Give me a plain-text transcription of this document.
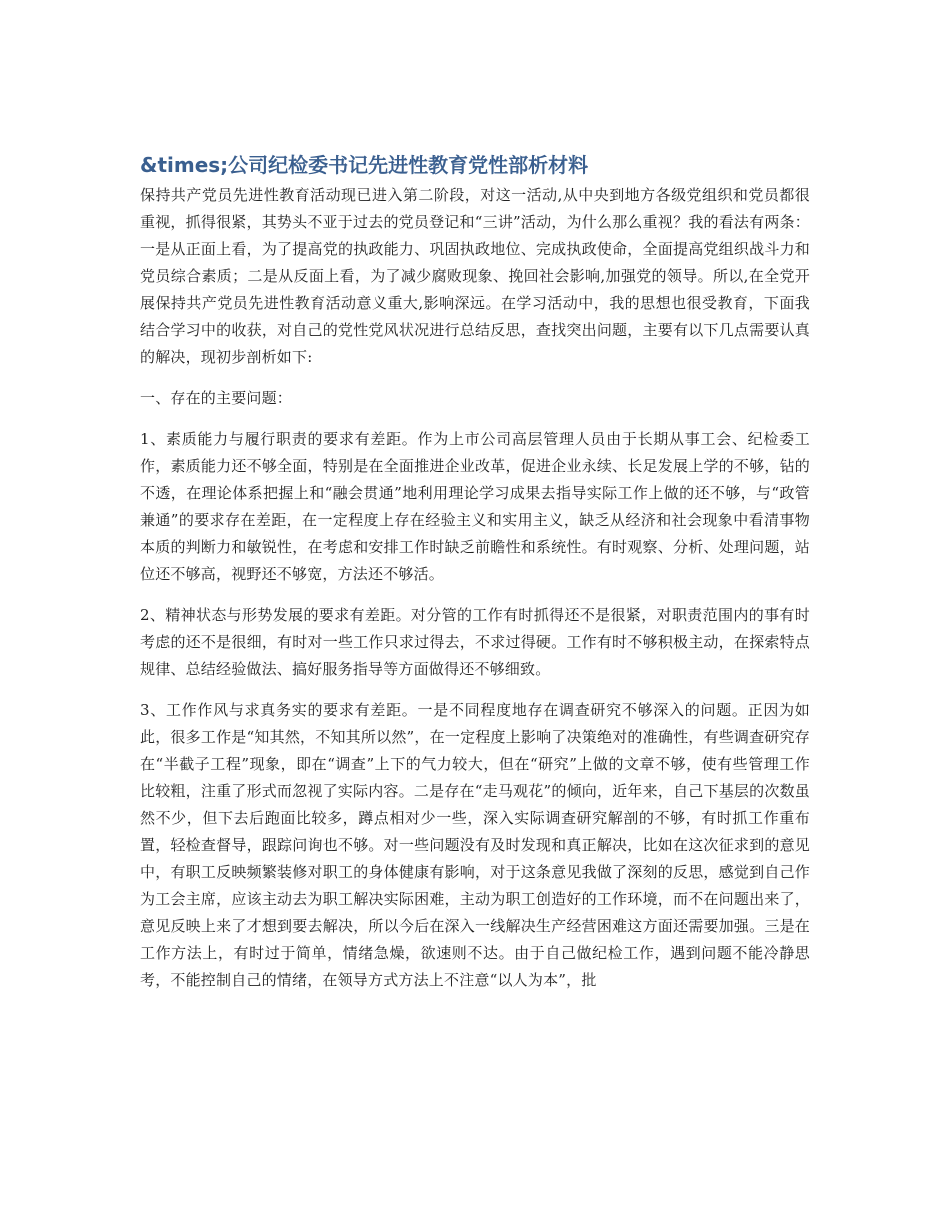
&times;公司纪检委书记先进性教育党性部析材料

保持共产党员先进性教育活动现已进入第二阶段，对这一活动,从中央到地方各级党组织和党员都很重视，抓得很紧，其势头不亚于过去的党员登记和“三讲”活动，为什么那么重视？我的看法有两条：一是从正面上看，为了提高党的执政能力、巩固执政地位、完成执政使命，全面提高党组织战斗力和党员综合素质；二是从反面上看，为了减少腐败现象、挽回社会影响,加强党的领导。所以,在全党开展保持共产党员先进性教育活动意义重大,影响深远。在学习活动中，我的思想也很受教育，下面我结合学习中的收获，对自己的党性党风状况进行总结反思，查找突出问题，主要有以下几点需要认真的解决，现初步剖析如下:

一、存在的主要问题：

1、素质能力与履行职责的要求有差距。作为上市公司高层管理人员由于长期从事工会、纪检委工作，素质能力还不够全面，特别是在全面推进企业改革，促进企业永续、长足发展上学的不够，钻的不透，在理论体系把握上和“融会贯通”地利用理论学习成果去指导实际工作上做的还不够，与“政管兼通”的要求存在差距，在一定程度上存在经验主义和实用主义，缺乏从经济和社会现象中看清事物本质的判断力和敏锐性，在考虑和安排工作时缺乏前瞻性和系统性。有时观察、分析、处理问题，站位还不够高，视野还不够宽，方法还不够活。

2、精神状态与形势发展的要求有差距。对分管的工作有时抓得还不是很紧，对职责范围内的事有时考虑的还不是很细，有时对一些工作只求过得去，不求过得硬。工作有时不够积极主动，在探索特点规律、总结经验做法、搞好服务指导等方面做得还不够细致。

3、工作作风与求真务实的要求有差距。一是不同程度地存在调查研究不够深入的问题。正因为如此，很多工作是“知其然，不知其所以然”，在一定程度上影响了决策绝对的准确性，有些调查研究存在“半截子工程”现象，即在“调查”上下的气力较大，但在“研究”上做的文章不够，使有些管理工作比较粗，注重了形式而忽视了实际内容。二是存在“走马观花”的倾向，近年来，自己下基层的次数虽然不少，但下去后跑面比较多，蹲点相对少一些，深入实际调查研究解剖的不够，有时抓工作重布置，轻检查督导，跟踪问询也不够。对一些问题没有及时发现和真正解决，比如在这次征求到的意见中，有职工反映频繁装修对职工的身体健康有影响，对于这条意见我做了深刻的反思，感觉到自己作为工会主席，应该主动去为职工解决实际困难，主动为职工创造好的工作环境，而不在问题出来了，意见反映上来了才想到要去解决，所以今后在深入一线解决生产经营困难这方面还需要加强。三是在工作方法上，有时过于简单，情绪急燥，欲速则不达。由于自己做纪检工作，遇到问题不能冷静思考，不能控制自己的情绪，在领导方式方法上不注意“以人为本”，批
